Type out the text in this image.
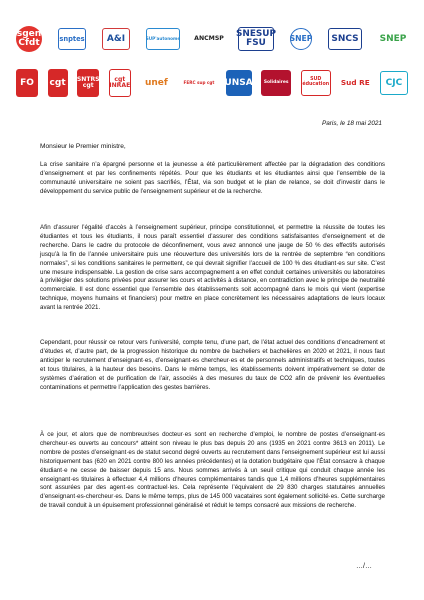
sgen
Cfdt	snptes	A&I	SUP'autonome ANCMSP SNESUP
FSU	SNEP	SNCS	SNEP
FO	cgt	SNTRS
cgt
cgt
INRAE	unef	FERC sup cgt UNSA	Solidaires
SUD
éducation Sud RE	CJC
Paris, le 18 mai 2021
Monsieur le Premier ministre,

La crise sanitaire n’a épargné personne et la jeunesse a été particulièrement affectée par la dégradation des conditions d’enseignement et par les confinements répétés. Pour que les étudiants et les étudiantes ainsi que l’ensemble de la communauté universitaire ne soient pas sacrifiés, l’État, via son budget et le plan de relance, se doit d’investir dans le développement du service public de l’enseignement supérieur et de la recherche.

Afin d’assurer l’égalité d’accès à l’enseignement supérieur, principe constitutionnel, et permettre la réussite de toutes les étudiantes et tous les étudiants, il nous paraît essentiel d’assurer des conditions satisfaisantes d’enseignement et de recherche. Dans le cadre du protocole de déconfinement, vous avez annoncé une jauge de 50 % des effectifs autorisés jusqu’à la fin de l’année universitaire puis une réouverture des universités lors de la rentrée de septembre “en conditions normales”, si les conditions sanitaires le permettent, ce qui devrait signifier l’accueil de 100 % des étudiant·es sur site. C’est une mesure indispensable. La gestion de crise sans accompagnement a en effet conduit certaines universités ou laboratoires à privilégier des solutions privées pour assurer les cours et activités à distance, en contradiction avec le principe de neutralité commerciale. Il est donc essentiel que l’ensemble des établissements soit accompagné dans le mois qui vient (expertise technique, moyens humains et financiers) pour mettre en place concrètement les nécessaires adaptations de leurs locaux avant la rentrée 2021.

Cependant, pour réussir ce retour vers l’université, compte tenu, d’une part, de l’état actuel des conditions d’encadrement et d’études et, d’autre part, de la progression historique du nombre de bacheliers et bachelières en 2020 et 2021, il nous faut anticiper le recrutement d’enseignant·es, d’enseignant·es chercheur·es et de personnels administratifs et techniques, toutes et tous titulaires, à la hauteur des besoins. Dans le même temps, les établissements doivent impérativement se doter de systèmes d’aération et de purification de l’air, associés à des mesures du taux de CO2 afin de prévenir les éventuelles contaminations et permettre l’application des gestes barrières.

À ce jour, et alors que de nombreux/ses docteur·es sont en recherche d’emploi, le nombre de postes d’enseignant·es chercheur·es ouverts au concours* atteint son niveau le plus bas depuis 20 ans (1935 en 2021 contre 3613 en 2011). Le nombre de postes d’enseignant·es de statut second degré ouverts au recrutement dans l’enseignement supérieur est lui aussi historiquement bas (620 en 2021 contre 800 les années précédentes) et la dotation budgétaire que l’État consacre à chaque étudiant·e ne cesse de baisser depuis 15 ans. Nous sommes arrivés à un seuil critique qui conduit chaque année les enseignant·es titulaires à effectuer 4,4 millions d’heures complémentaires tandis que 1,4 millions d’heures supplémentaires sont assurées par des agent·es contractuel·les. Cela représente l’équivalent de 29 830 charges statutaires annuelles d’enseignant·es-chercheur·es. Dans le même temps, plus de 145 000 vacataires sont également sollicité·es. Cette surcharge de travail conduit à un épuisement professionnel généralisé et réduit le temps consacré aux missions de recherche.

…/…
